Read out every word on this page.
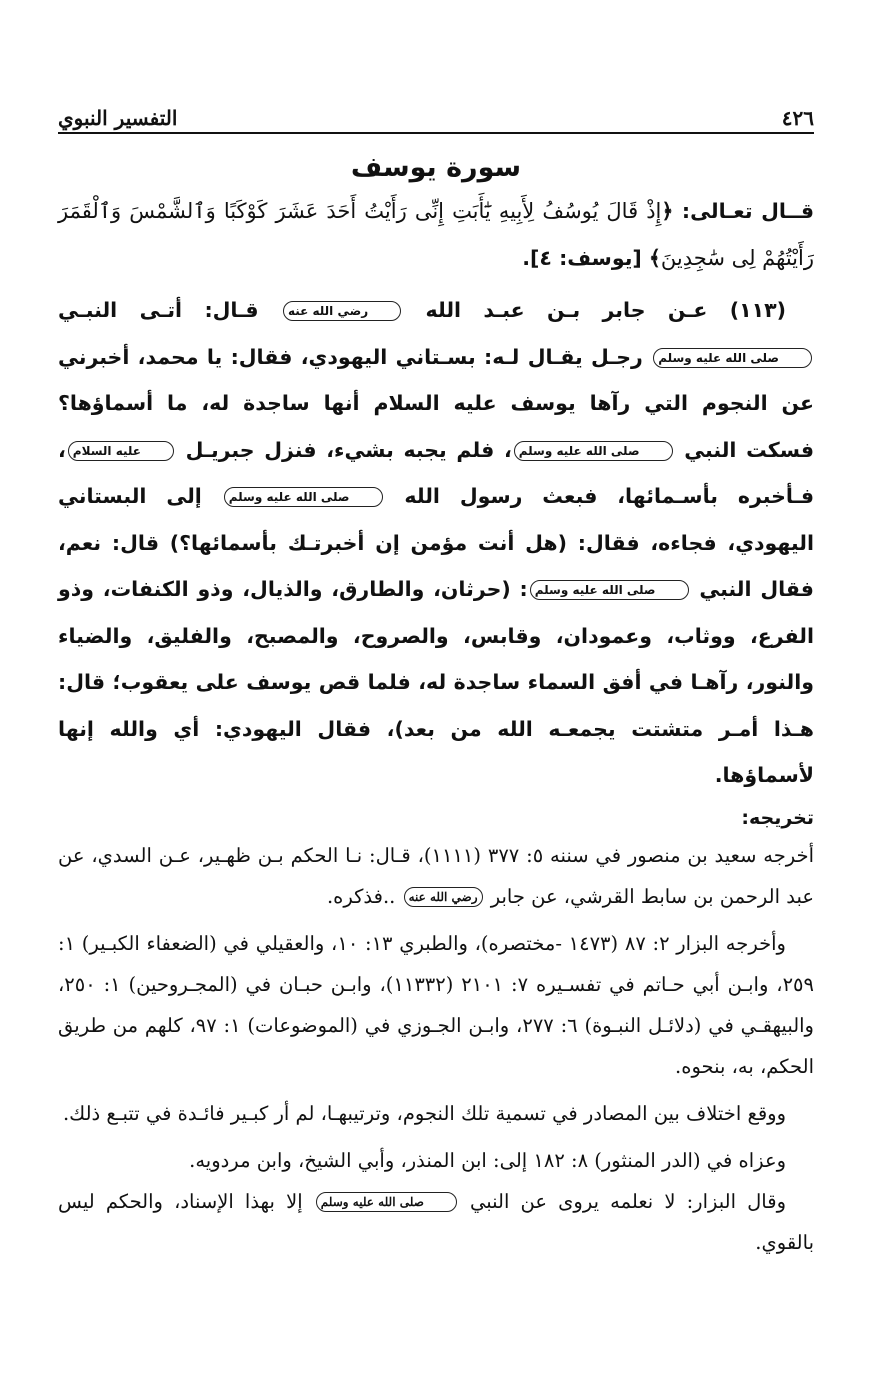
٤٢٦
التفسير النبوي
سورة يوسف

قــال تعـالى: ﴿إِذْ قَالَ يُوسُفُ لِأَبِيهِ يَٰٓأَبَتِ إِنِّى رَأَيْتُ أَحَدَ عَشَرَ كَوْكَبًا وَٱلشَّمْسَ وَٱلْقَمَرَ رَأَيْتُهُمْ لِى سَٰجِدِينَ﴾ [يوسف: ٤].

(١١٣) عـن جابر بـن عبـد الله رضي الله عنه قـال: أتـى النبـي صلى الله عليه وسلم رجـل يقـال لـه: بسـتاني اليهودي، فقال: يا محمد، أخبرني عن النجوم التي رآها يوسف عليه السلام أنها ساجدة له، ما أسماؤها؟ فسكت النبي صلى الله عليه وسلم، فلم يجبه بشيء، فنزل جبريـل عليه السلام، فـأخبره بأسـمائها، فبعث رسول الله صلى الله عليه وسلم إلى البستاني اليهودي، فجاءه، فقال: (هل أنت مؤمن إن أخبرتـك بأسمائها؟) قال: نعم، فقال النبي صلى الله عليه وسلم: (حرثان، والطارق، والذيال، وذو الكنفات، وذو الفرع، ووثاب، وعمودان، وقابس، والصروح، والمصبح، والفليق، والضياء والنور، رآهـا في أفق السماء ساجدة له، فلما قص يوسف على يعقوب؛ قال: هـذا أمـر متشتت يجمعـه الله من بعد)، فقال اليهودي: أي والله إنها لأسماؤها.

تخريجه:

أخرجه سعيد بن منصور في سننه ٥: ٣٧٧ (١١١١)، قـال: نـا الحكم بـن ظهـير، عـن السدي، عن عبد الرحمن بن سابط القرشي، عن جابر رضي الله عنه ..فذكره.

وأخرجه البزار ٢: ٨٧ (١٤٧٣ -مختصره)، والطبري ١٣: ١٠، والعقيلي في (الضعفاء الكبـير) ١: ٢٥٩، وابـن أبي حـاتم في تفسـيره ٧: ٢١٠١ (١١٣٣٢)، وابـن حبـان في (المجـروحين) ١: ٢٥٠، والبيهقـي في (دلائـل النبـوة) ٦: ٢٧٧، وابـن الجـوزي في (الموضوعات) ١: ٩٧، كلهم من طريق الحكم، به، بنحوه.

ووقع اختلاف بين المصادر في تسمية تلك النجوم، وترتيبهـا، لم أر كبـير فائـدة في تتبـع ذلك.

وعزاه في (الدر المنثور) ٨: ١٨٢ إلى: ابن المنذر، وأبي الشيخ، وابن مردويه.

وقال البزار: لا نعلمه يروى عن النبي صلى الله عليه وسلم إلا بهذا الإسناد، والحكم ليس بالقوي.
